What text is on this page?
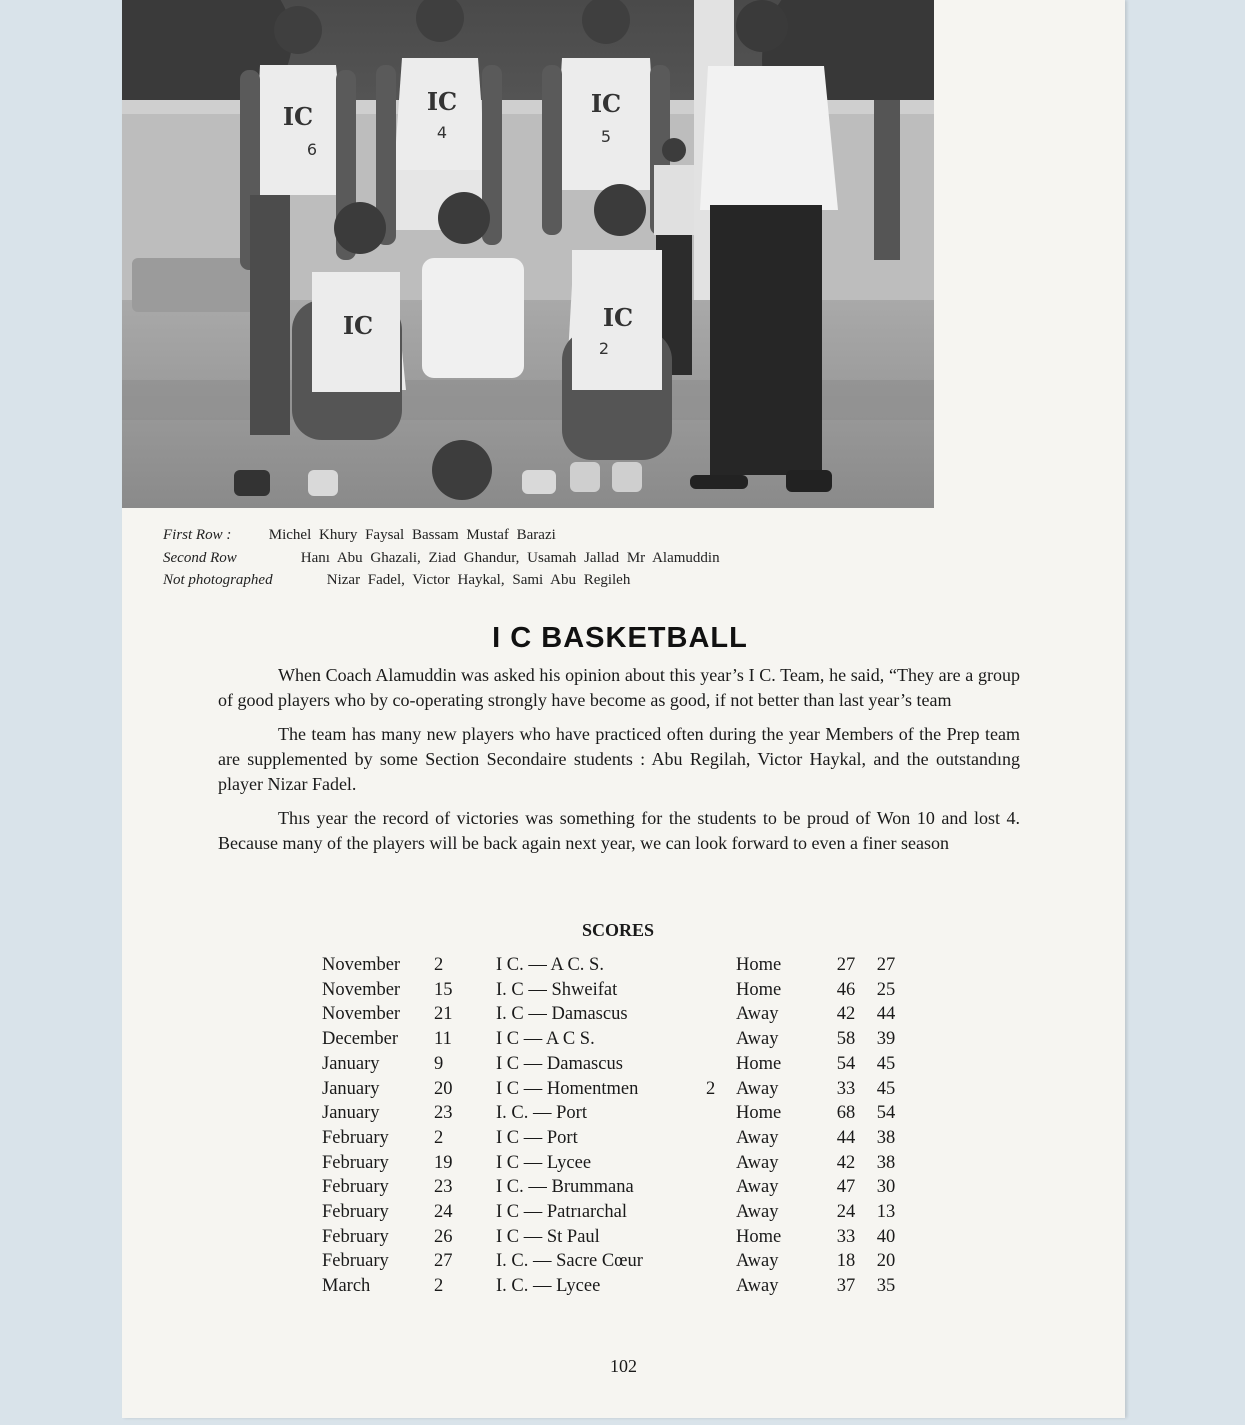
IC
6
IC
4
IC
5
IC	IC
2
First Row : Michel Khury Faysal Bassam Mustaf Barazi
Second Row	Hanı Abu Ghazali, Ziad Ghandur, Usamah Jallad Mr Alamuddin
Not photographed	Nizar Fadel, Victor Haykal, Sami Abu Regileh
I C BASKETBALL

When Coach Alamuddin was asked his opinion about this year’s I C. Team, he said, “They are a group of good players who by co-operating strongly have become as good, if not better than last year’s team

The team has many new players who have practiced often during the year Members of the Prep team are supplemented by some Section Secondaire students : Abu Regilah, Victor Haykal, and the outstandıng player Nizar Fadel.

Thıs year the record of victories was something for the students to be proud of Won 10 and lost 4. Because many of the players will be back again next year, we can look forward to even a finer season

SCORES
November	2	I C. — A C. S.		Home	27	27
November	15	I. C — Shweifat		Home	46	25
November	21	I. C — Damascus		Away	42	44
December	11	I C — A C S.		Away	58	39
January	9	I C — Damascus		Home	54	45
January	20	I C — Homentmen	2	Away	33	45
January	23	I. C. — Port		Home	68	54
February	2	I C — Port		Away	44	38
February	19	I C — Lycee		Away	42	38
February	23	I C. — Brummana		Away	47	30
February	24	I C — Patrıarchal		Away	24	13
February	26	I C — St Paul		Home	33	40
February	27	I. C. — Sacre Cœur		Away	18	20
March	2	I. C. — Lycee		Away	37	35
102
